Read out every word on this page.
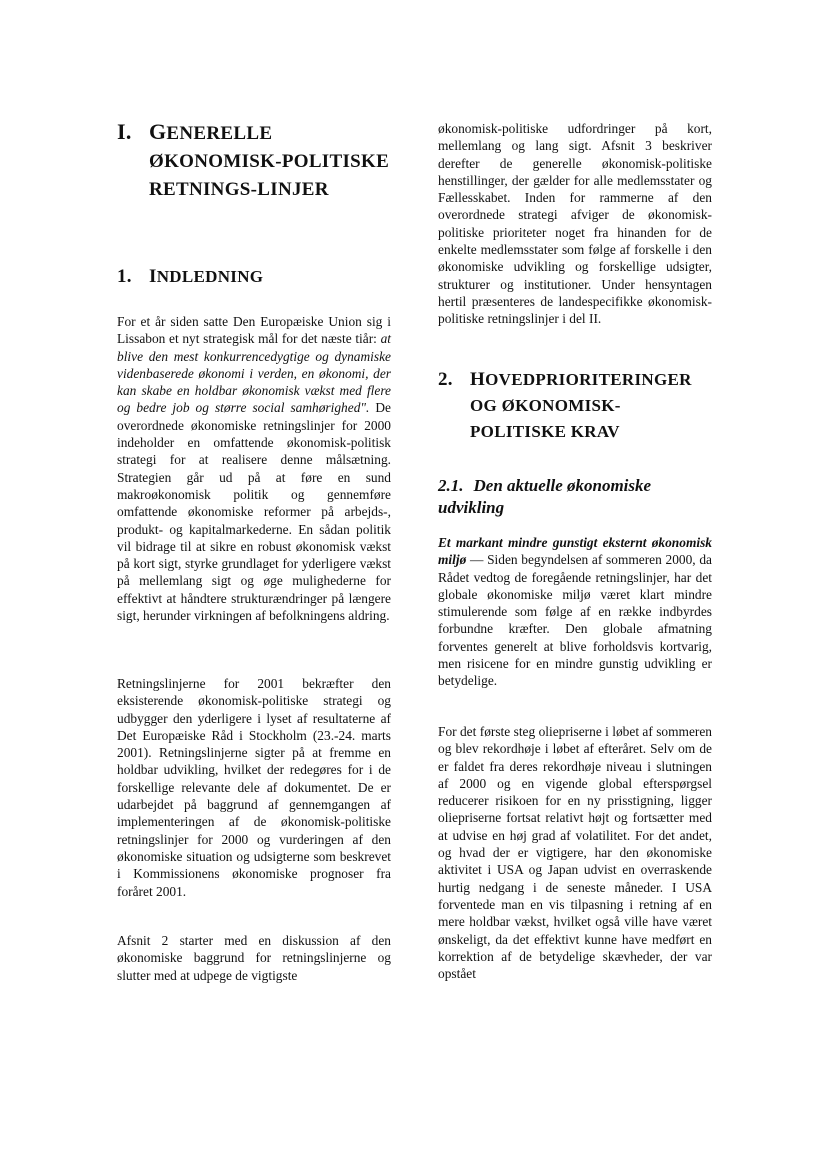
I. GENERELLE ØKONOMISK-POLITISKE RETNINGS-LINJER
1. INDLEDNING

For et år siden satte Den Europæiske Union sig i Lissabon et nyt strategisk mål for det næste tiår: at blive den mest konkurrencedygtige og dynamiske videnbaserede økonomi i verden, en økonomi, der kan skabe en holdbar økonomisk vækst med flere og bedre job og større social samhørighed". De overordnede økonomiske retningslinjer for 2000 indeholder en omfattende økonomisk-politisk strategi for at realisere denne målsætning. Strategien går ud på at føre en sund makroøkonomisk politik og gennemføre omfattende økonomiske reformer på arbejds-, produkt- og kapitalmarkederne. En sådan politik vil bidrage til at sikre en robust økonomisk vækst på kort sigt, styrke grundlaget for yderligere vækst på mellemlang sigt og øge mulighederne for effektivt at håndtere strukturændringer på længere sigt, herunder virkningen af befolkningens aldring.

Retningslinjerne for 2001 bekræfter den eksisterende økonomisk-politiske strategi og udbygger den yderligere i lyset af resultaterne af Det Europæiske Råd i Stockholm (23.-24. marts 2001). Retningslinjerne sigter på at fremme en holdbar udvikling, hvilket der redegøres for i de forskellige relevante dele af dokumentet. De er udarbejdet på baggrund af gennemgangen af implementeringen af de økonomisk-politiske retningslinjer for 2000 og vurderingen af den økonomiske situation og udsigterne som beskrevet i Kommissionens økonomiske prognoser fra foråret 2001.

Afsnit 2 starter med en diskussion af den økonomiske baggrund for retningslinjerne og slutter med at udpege de vigtigste

økonomisk-politiske udfordringer på kort, mellemlang og lang sigt. Afsnit 3 beskriver derefter de generelle økonomisk-politiske henstillinger, der gælder for alle medlemsstater og Fællesskabet. Inden for rammerne af den overordnede strategi afviger de økonomisk-politiske prioriteter noget fra hinanden for de enkelte medlemsstater som følge af forskelle i den økonomiske udvikling og forskellige udsigter, strukturer og institutioner. Under hensyntagen hertil præsenteres de landespecifikke økonomisk-politiske retningslinjer i del II.

2. HOVEDPRIORITERINGER OG ØKONOMISK-POLITISKE KRAV
2.1. Den aktuelle økonomiske udvikling

Et markant mindre gunstigt eksternt økonomisk miljø — Siden begyndelsen af sommeren 2000, da Rådet vedtog de foregående retningslinjer, har det globale økonomiske miljø været klart mindre stimulerende som følge af en række indbyrdes forbundne kræfter. Den globale afmatning forventes generelt at blive forholdsvis kortvarig, men risicene for en mindre gunstig udvikling er betydelige.

For det første steg oliepriserne i løbet af sommeren og blev rekordhøje i løbet af efteråret. Selv om de er faldet fra deres rekordhøje niveau i slutningen af 2000 og en vigende global efterspørgsel reducerer risikoen for en ny prisstigning, ligger oliepriserne fortsat relativt højt og fortsætter med at udvise en høj grad af volatilitet. For det andet, og hvad der er vigtigere, har den økonomiske aktivitet i USA og Japan udvist en overraskende hurtig nedgang i de seneste måneder. I USA forventede man en vis tilpasning i retning af en mere holdbar vækst, hvilket også ville have været ønskeligt, da det effektivt kunne have medført en korrektion af de betydelige skævheder, der var opstået
